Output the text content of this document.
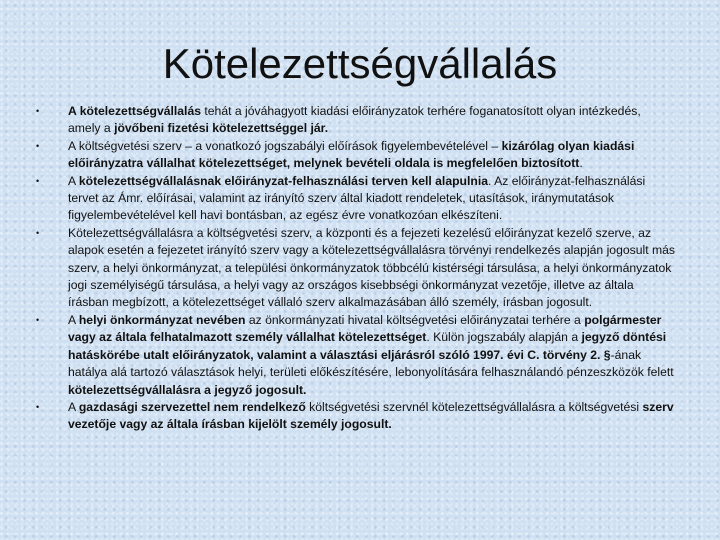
Kötelezettségvállalás
• A kötelezettségvállalás tehát a jóváhagyott kiadási előirányzatok terhére foganatosított olyan intézkedés, amely a jövőbeni fizetési kötelezettséggel jár.
• A költségvetési szerv – a vonatkozó jogszabályi előírások figyelembevételével – kizárólag olyan kiadási előirányzatra vállalhat kötelezettséget, melynek bevételi oldala is megfelelően biztosított.
• A kötelezettségvállalásnak előirányzat-felhasználási terven kell alapulnia. Az előirányzat-felhasználási tervet az Ámr. előírásai, valamint az irányító szerv által kiadott rendeletek, utasítások, iránymutatások figyelembevételével kell havi bontásban, az egész évre vonatkozóan elkészíteni.
• Kötelezettségvállalásra a költségvetési szerv, a központi és a fejezeti kezelésű előirányzat kezelő szerve, az alapok esetén a fejezetet irányító szerv vagy a kötelezettségvállalásra törvényi rendelkezés alapján jogosult más szerv, a helyi önkormányzat, a települési önkormányzatok többcélú kistérségi társulása, a helyi önkormányzatok jogi személyiségű társulása, a helyi vagy az országos kisebbségi önkormányzat vezetője, illetve az általa írásban megbízott, a kötelezettséget vállaló szerv alkalmazásában álló személy, írásban jogosult.
• A helyi önkormányzat nevében az önkormányzati hivatal költségvetési előirányzatai terhére a polgármester vagy az általa felhatalmazott személy vállalhat kötelezettséget. Külön jogszabály alapján a jegyző döntési hatáskörébe utalt előirányzatok, valamint a választási eljárásról szóló 1997. évi C. törvény 2. §-ának hatálya alá tartozó választások helyi, területi előkészítésére, lebonyolítására felhasználandó pénzeszközök felett kötelezettségvállalásra a jegyző jogosult.
• A gazdasági szervezettel nem rendelkező költségvetési szervnél kötelezettségvállalásra a költségvetési szerv vezetője vagy az általa írásban kijelölt személy jogosult.
